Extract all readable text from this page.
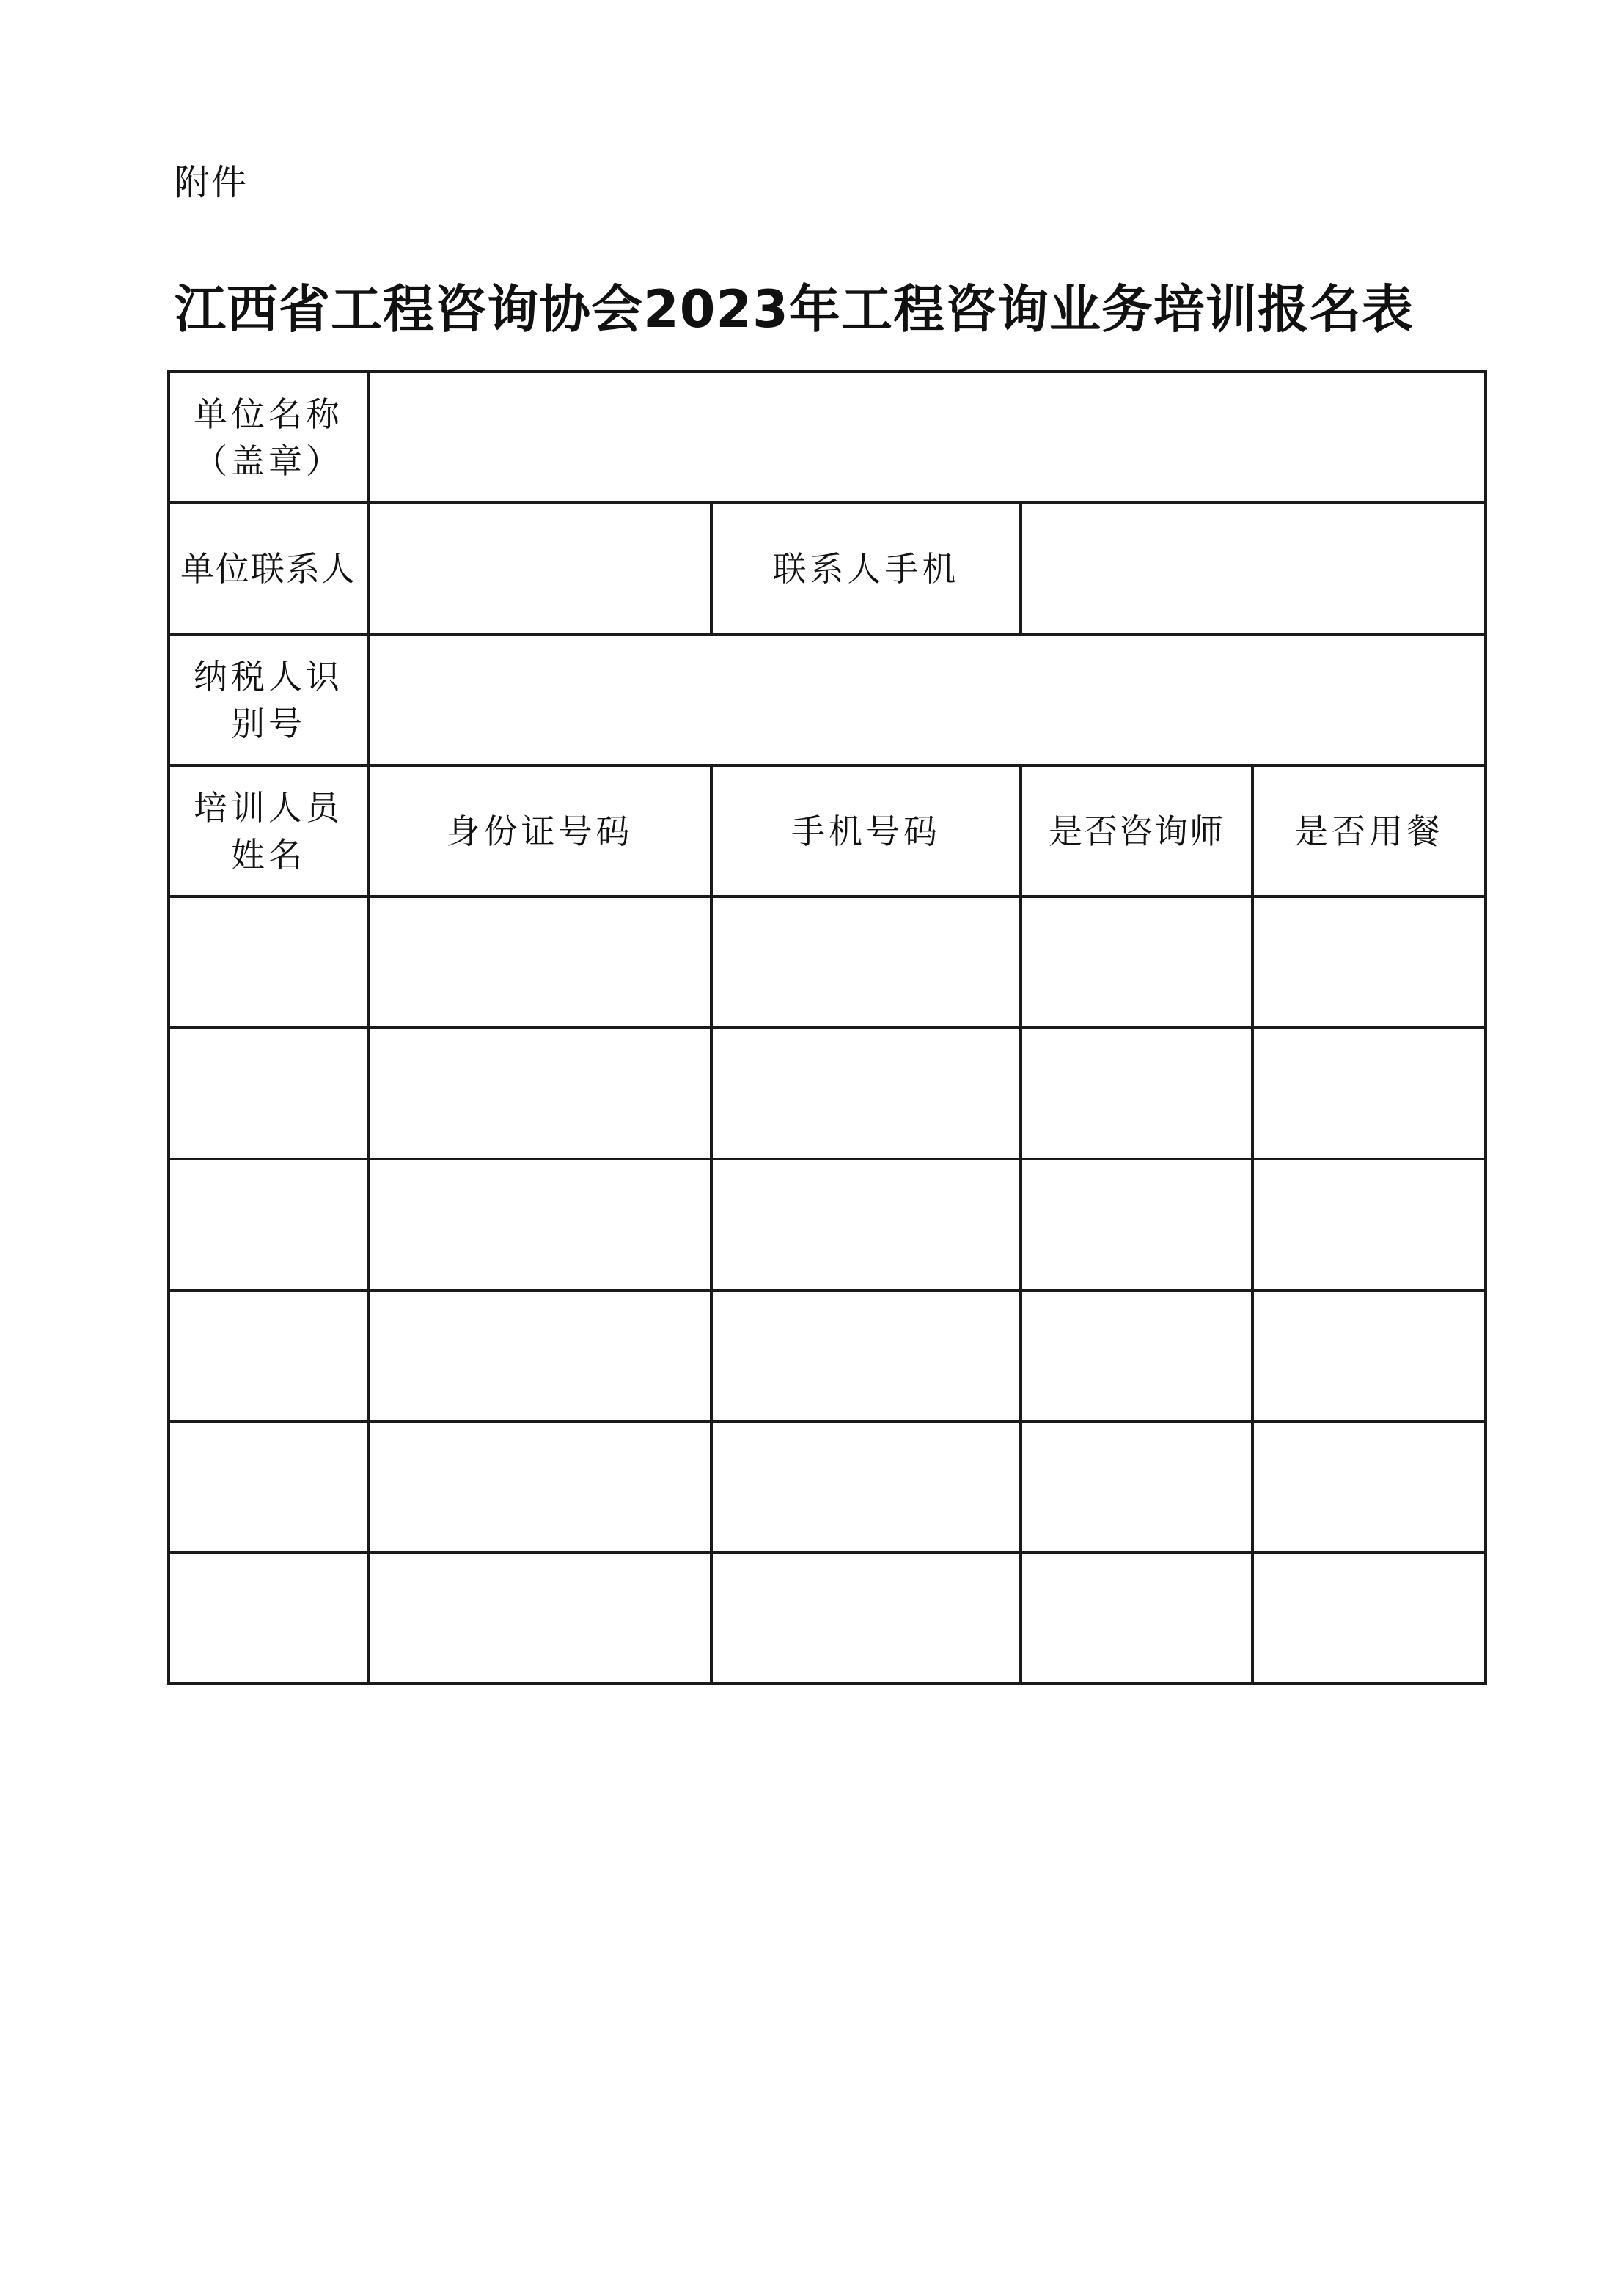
附件
江西省工程咨询协会2023年工程咨询业务培训报名表
单位名称（盖章）				
单位联系人		联系人手机		
纳税人识别号				
培训人员姓名	身份证号码	手机号码	是否咨询师	是否用餐
